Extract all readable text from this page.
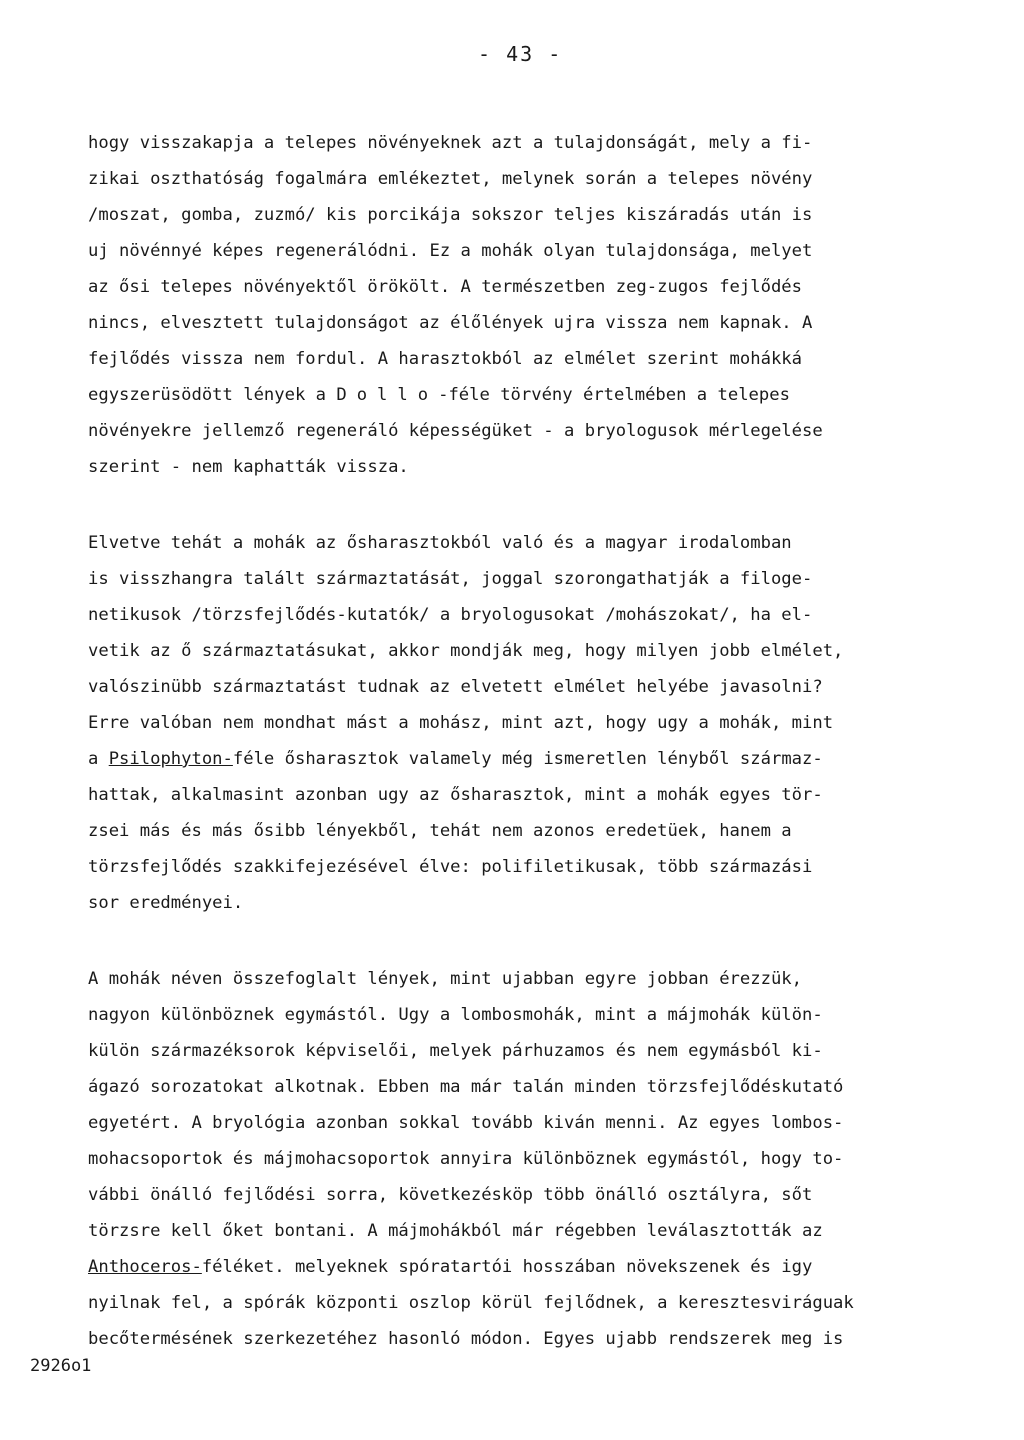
- 43 -
hogy visszakapja a telepes növényeknek azt a tulajdonságát, mely a fi-
zikai oszthatóság fogalmára emlékeztet, melynek során a telepes növény
/moszat, gomba, zuzmó/ kis porcikája sokszor teljes kiszáradás után is
uj növénnyé képes regenerálódni. Ez a mohák olyan tulajdonsága, melyet
az ősi telepes növényektől örökölt. A természetben zeg-zugos fejlődés
nincs, elvesztett tulajdonságot az élőlények ujra vissza nem kapnak. A
fejlődés vissza nem fordul. A harasztokból az elmélet szerint mohákká
egyszerüsödött lények a Dollo-féle törvény értelmében a telepes
növényekre jellemző regeneráló képességüket - a bryologusok mérlegelése
szerint - nem kaphatták vissza.
Elvetve tehát a mohák az ősharasztokból való és a magyar irodalomban
is visszhangra talált származtatását, joggal szorongathatják a filoge-
netikusok /törzsfejlődés-kutatók/ a bryologusokat /mohászokat/, ha el-
vetik az ő származtatásukat, akkor mondják meg, hogy milyen jobb elmélet,
valószinübb származtatást tudnak az elvetett elmélet helyébe javasolni?
Erre valóban nem mondhat mást a mohász, mint azt, hogy ugy a mohák, mint
a Psilophyton-féle ősharasztok valamely még ismeretlen lényből származ-
hattak, alkalmasint azonban ugy az ősharasztok, mint a mohák egyes tör-
zsei más és más ősibb lényekből, tehát nem azonos eredetüek, hanem a
törzsfejlődés szakkifejezésével élve: polifiletikusak, több származási
sor eredményei.
A mohák néven összefoglalt lények, mint ujabban egyre jobban érezzük,
nagyon különböznek egymástól. Ugy a lombosmohák, mint a májmohák külön-
külön származéksorok képviselői, melyek párhuzamos és nem egymásból ki-
ágazó sorozatokat alkotnak. Ebben ma már talán minden törzsfejlődéskutató
egyetért. A bryológia azonban sokkal tovább kiván menni. Az egyes lombos-
mohacsoportok és májmohacsoportok annyira különböznek egymástól, hogy to-
vábbi önálló fejlődési sorra, következésköp több önálló osztályra, sőt
törzsre kell őket bontani. A májmohákból már régebben leválasztották az
Anthoceros-féléket. melyeknek spóratartói hosszában növekszenek és igy
nyilnak fel, a spórák központi oszlop körül fejlődnek, a keresztesviráguak
becőtermésének szerkezetéhez hasonló módon. Egyes ujabb rendszerek meg is
2926o1
